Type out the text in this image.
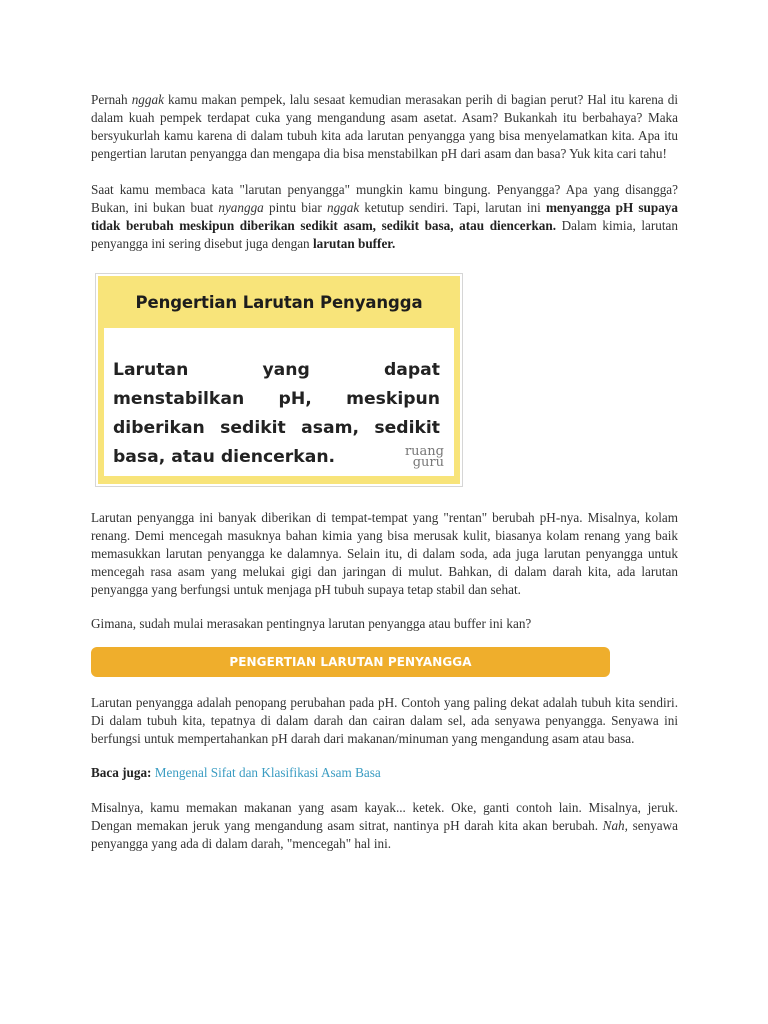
Pernah nggak kamu makan pempek, lalu sesaat kemudian merasakan perih di bagian perut? Hal itu karena di dalam kuah pempek terdapat cuka yang mengandung asam asetat. Asam? Bukankah itu berbahaya? Maka bersyukurlah kamu karena di dalam tubuh kita ada larutan penyangga yang bisa menyelamatkan kita. Apa itu pengertian larutan penyangga dan mengapa dia bisa menstabilkan pH dari asam dan basa? Yuk kita cari tahu!

Saat kamu membaca kata "larutan penyangga" mungkin kamu bingung. Penyangga? Apa yang disangga? Bukan, ini bukan buat nyangga pintu biar nggak ketutup sendiri. Tapi, larutan ini menyangga pH supaya tidak berubah meskipun diberikan sedikit asam, sedikit basa, atau diencerkan. Dalam kimia, larutan penyangga ini sering disebut juga dengan larutan buffer.

Pengertian Larutan Penyangga
Larutan yang dapat menstabilkan pH, meskipun diberikan sedikit asam, sedikit basa, atau diencerkan.	ruang
guru

Larutan penyangga ini banyak diberikan di tempat-tempat yang "rentan" berubah pH-nya. Misalnya, kolam renang. Demi mencegah masuknya bahan kimia yang bisa merusak kulit, biasanya kolam renang yang baik memasukkan larutan penyangga ke dalamnya. Selain itu, di dalam soda, ada juga larutan penyangga untuk mencegah rasa asam yang melukai gigi dan jaringan di mulut. Bahkan, di dalam darah kita, ada larutan penyangga yang berfungsi untuk menjaga pH tubuh supaya tetap stabil dan sehat.

Gimana, sudah mulai merasakan pentingnya larutan penyangga atau buffer ini kan?

PENGERTIAN LARUTAN PENYANGGA

Larutan penyangga adalah penopang perubahan pada pH. Contoh yang paling dekat adalah tubuh kita sendiri. Di dalam tubuh kita, tepatnya di dalam darah dan cairan dalam sel, ada senyawa penyangga. Senyawa ini berfungsi untuk mempertahankan pH darah dari makanan/minuman yang mengandung asam atau basa.

Baca juga: Mengenal Sifat dan Klasifikasi Asam Basa

Misalnya, kamu memakan makanan yang asam kayak... ketek. Oke, ganti contoh lain. Misalnya, jeruk. Dengan memakan jeruk yang mengandung asam sitrat, nantinya pH darah kita akan berubah. Nah, senyawa penyangga yang ada di dalam darah, "mencegah" hal ini.
